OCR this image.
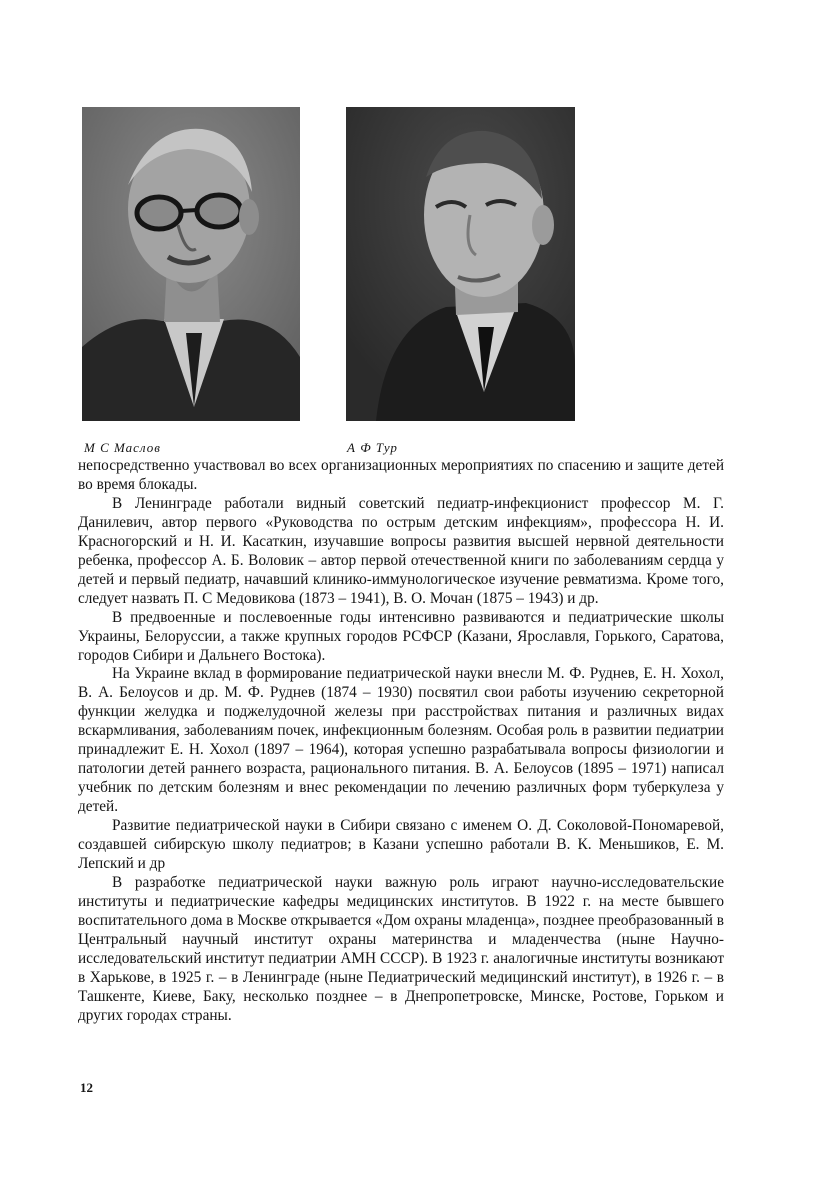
М С Маслов	А Ф Тур

непосредственно участвовал во всех организационных мероприятиях по спасению и защите детей во время блокады.

В Ленинграде работали видный советский педиатр-инфекционист профессор М. Г. Данилевич, автор первого «Руководства по острым детским инфекциям», профессора Н. И. Красногорский и Н. И. Касаткин, изучавшие вопросы развития высшей нервной деятельности ребенка, профессор А. Б. Воловик – автор первой отечественной книги по заболеваниям сердца у детей и первый педиатр, начавший клинико-иммунологическое изучение ревматизма. Кроме того, следует назвать П. С Медовикова (1873 – 1941), В. О. Мочан (1875 – 1943) и др.

В предвоенные и послевоенные годы интенсивно развиваются и педиатрические школы Украины, Белоруссии, а также крупных городов РСФСР (Казани, Ярославля, Горького, Саратова, городов Сибири и Дальнего Востока).

На Украине вклад в формирование педиатрической науки внесли М. Ф. Руднев, Е. Н. Хохол, В. А. Белоусов и др. М. Ф. Руднев (1874 – 1930) посвятил свои работы изучению секреторной функции желудка и поджелудочной железы при расстройствах питания и различных видах вскармливания, заболеваниям почек, инфекционным болезням. Особая роль в развитии педиатрии принадлежит Е. Н. Хохол (1897 – 1964), которая успешно разрабатывала вопросы физиологии и патологии детей раннего возраста, рационального питания. В. А. Белоусов (1895 – 1971) написал учебник по детским болезням и внес рекомендации по лечению различных форм туберкулеза у детей.

Развитие педиатрической науки в Сибири связано с именем О. Д. Соколовой-Пономаревой, создавшей сибирскую школу педиатров; в Казани успешно работали В. К. Меньшиков, Е. М. Лепский и др

В разработке педиатрической науки важную роль играют научно-исследовательские институты и педиатрические кафедры медицинских институтов. В 1922 г. на месте бывшего воспитательного дома в Москве открывается «Дом охраны младенца», позднее преобразованный в Центральный научный институт охраны материнства и младенчества (ныне Научно-исследовательский институт педиатрии АМН СССР). В 1923 г. аналогичные институты возникают в Харькове, в 1925 г. – в Ленинграде (ныне Педиатрический медицинский институт), в 1926 г. – в Ташкенте, Киеве, Баку, несколько позднее – в Днепропетровске, Минске, Ростове, Горьком и других городах страны.

12
